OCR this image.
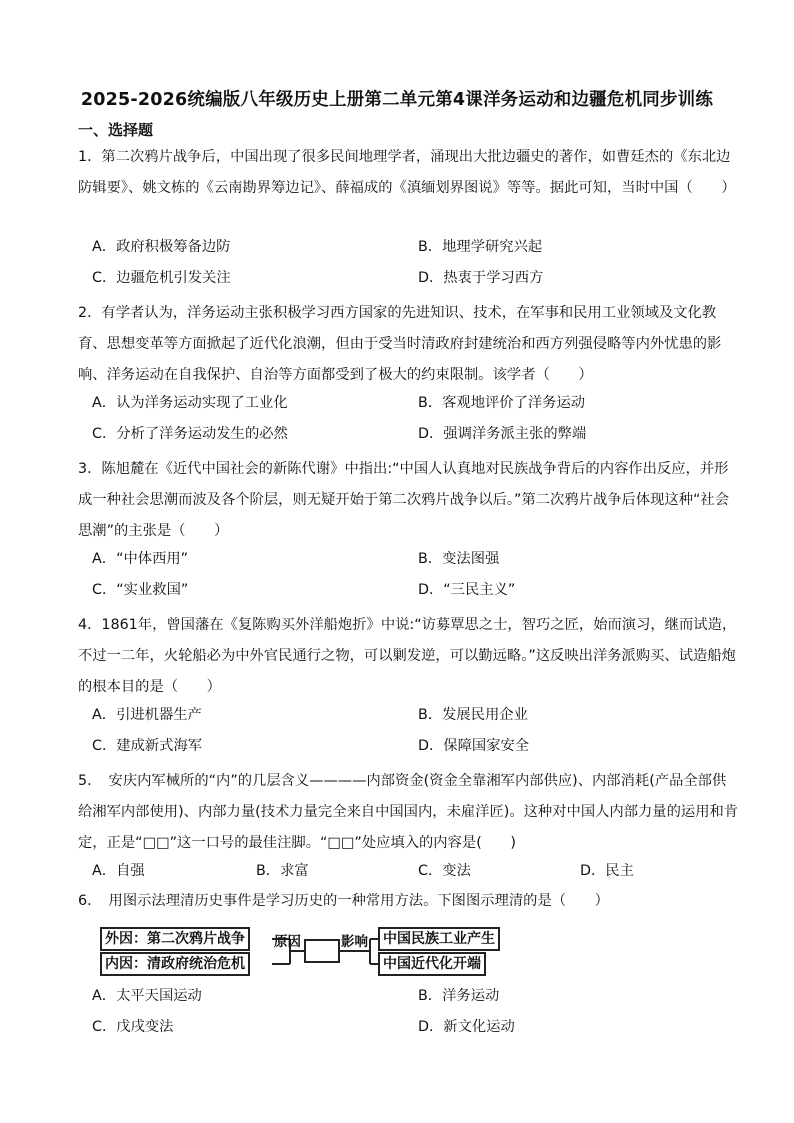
2025-2026统编版八年级历史上册第二单元第4课洋务运动和边疆危机同步训练
一、选择题
1．第二次鸦片战争后，中国出现了很多民间地理学者，涌现出大批边疆史的著作，如曹廷杰的《东北边防辑要》、姚文栋的《云南勘界筹边记》、薛福成的《滇缅划界图说》等等。据此可知，当时中国（　　）
A．政府积极筹备边防	B．地理学研究兴起
C．边疆危机引发关注	D．热衷于学习西方
2．有学者认为，洋务运动主张积极学习西方国家的先进知识、技术，在军事和民用工业领域及文化教育、思想变革等方面掀起了近代化浪潮，但由于受当时清政府封建统治和西方列强侵略等内外忧患的影响、洋务运动在自我保护、自治等方面都受到了极大的约束限制。该学者（　　）
A．认为洋务运动实现了工业化	B．客观地评价了洋务运动
C．分析了洋务运动发生的必然	D．强调洋务派主张的弊端
3．陈旭麓在《近代中国社会的新陈代谢》中指出:“中国人认真地对民族战争背后的内容作出反应，并形成一种社会思潮而波及各个阶层，则无疑开始于第二次鸦片战争以后。”第二次鸦片战争后体现这种“社会思潮”的主张是（　　）
A．“中体西用”	B．变法图强
C．“实业救国”	D．“三民主义”
4．1861年，曾国藩在《复陈购买外洋船炮折》中说:“访募覃思之士，智巧之匠，始而演习，继而试造，不过一二年，火轮船必为中外官民通行之物，可以剿发逆，可以勤远略。”这反映出洋务派购买、试造船炮的根本目的是（　　）
A．引进机器生产	B．发展民用企业
C．建成新式海军	D．保障国家安全
5．　安庆内军械所的“内”的几层含义————内部资金(资金全靠湘军内部供应)、内部消耗(产品全部供给湘军内部使用)、内部力量(技术力量完全来自中国国内，未雇洋匠)。这种对中国人内部力量的运用和肯定，正是“□□”这一口号的最佳注脚。“□□”处应填入的内容是(　　)
A．自强	B．求富	C．变法	D．民主
6．　用图示法理清历史事件是学习历史的一种常用方法。下图图示理清的是（　　）
外因：第二次鸦片战争
内因：清政府统治危机
原因	影响	中国民族工业产生
中国近代化开端
A．太平天国运动	B．洋务运动
C．戊戌变法	D．新文化运动
